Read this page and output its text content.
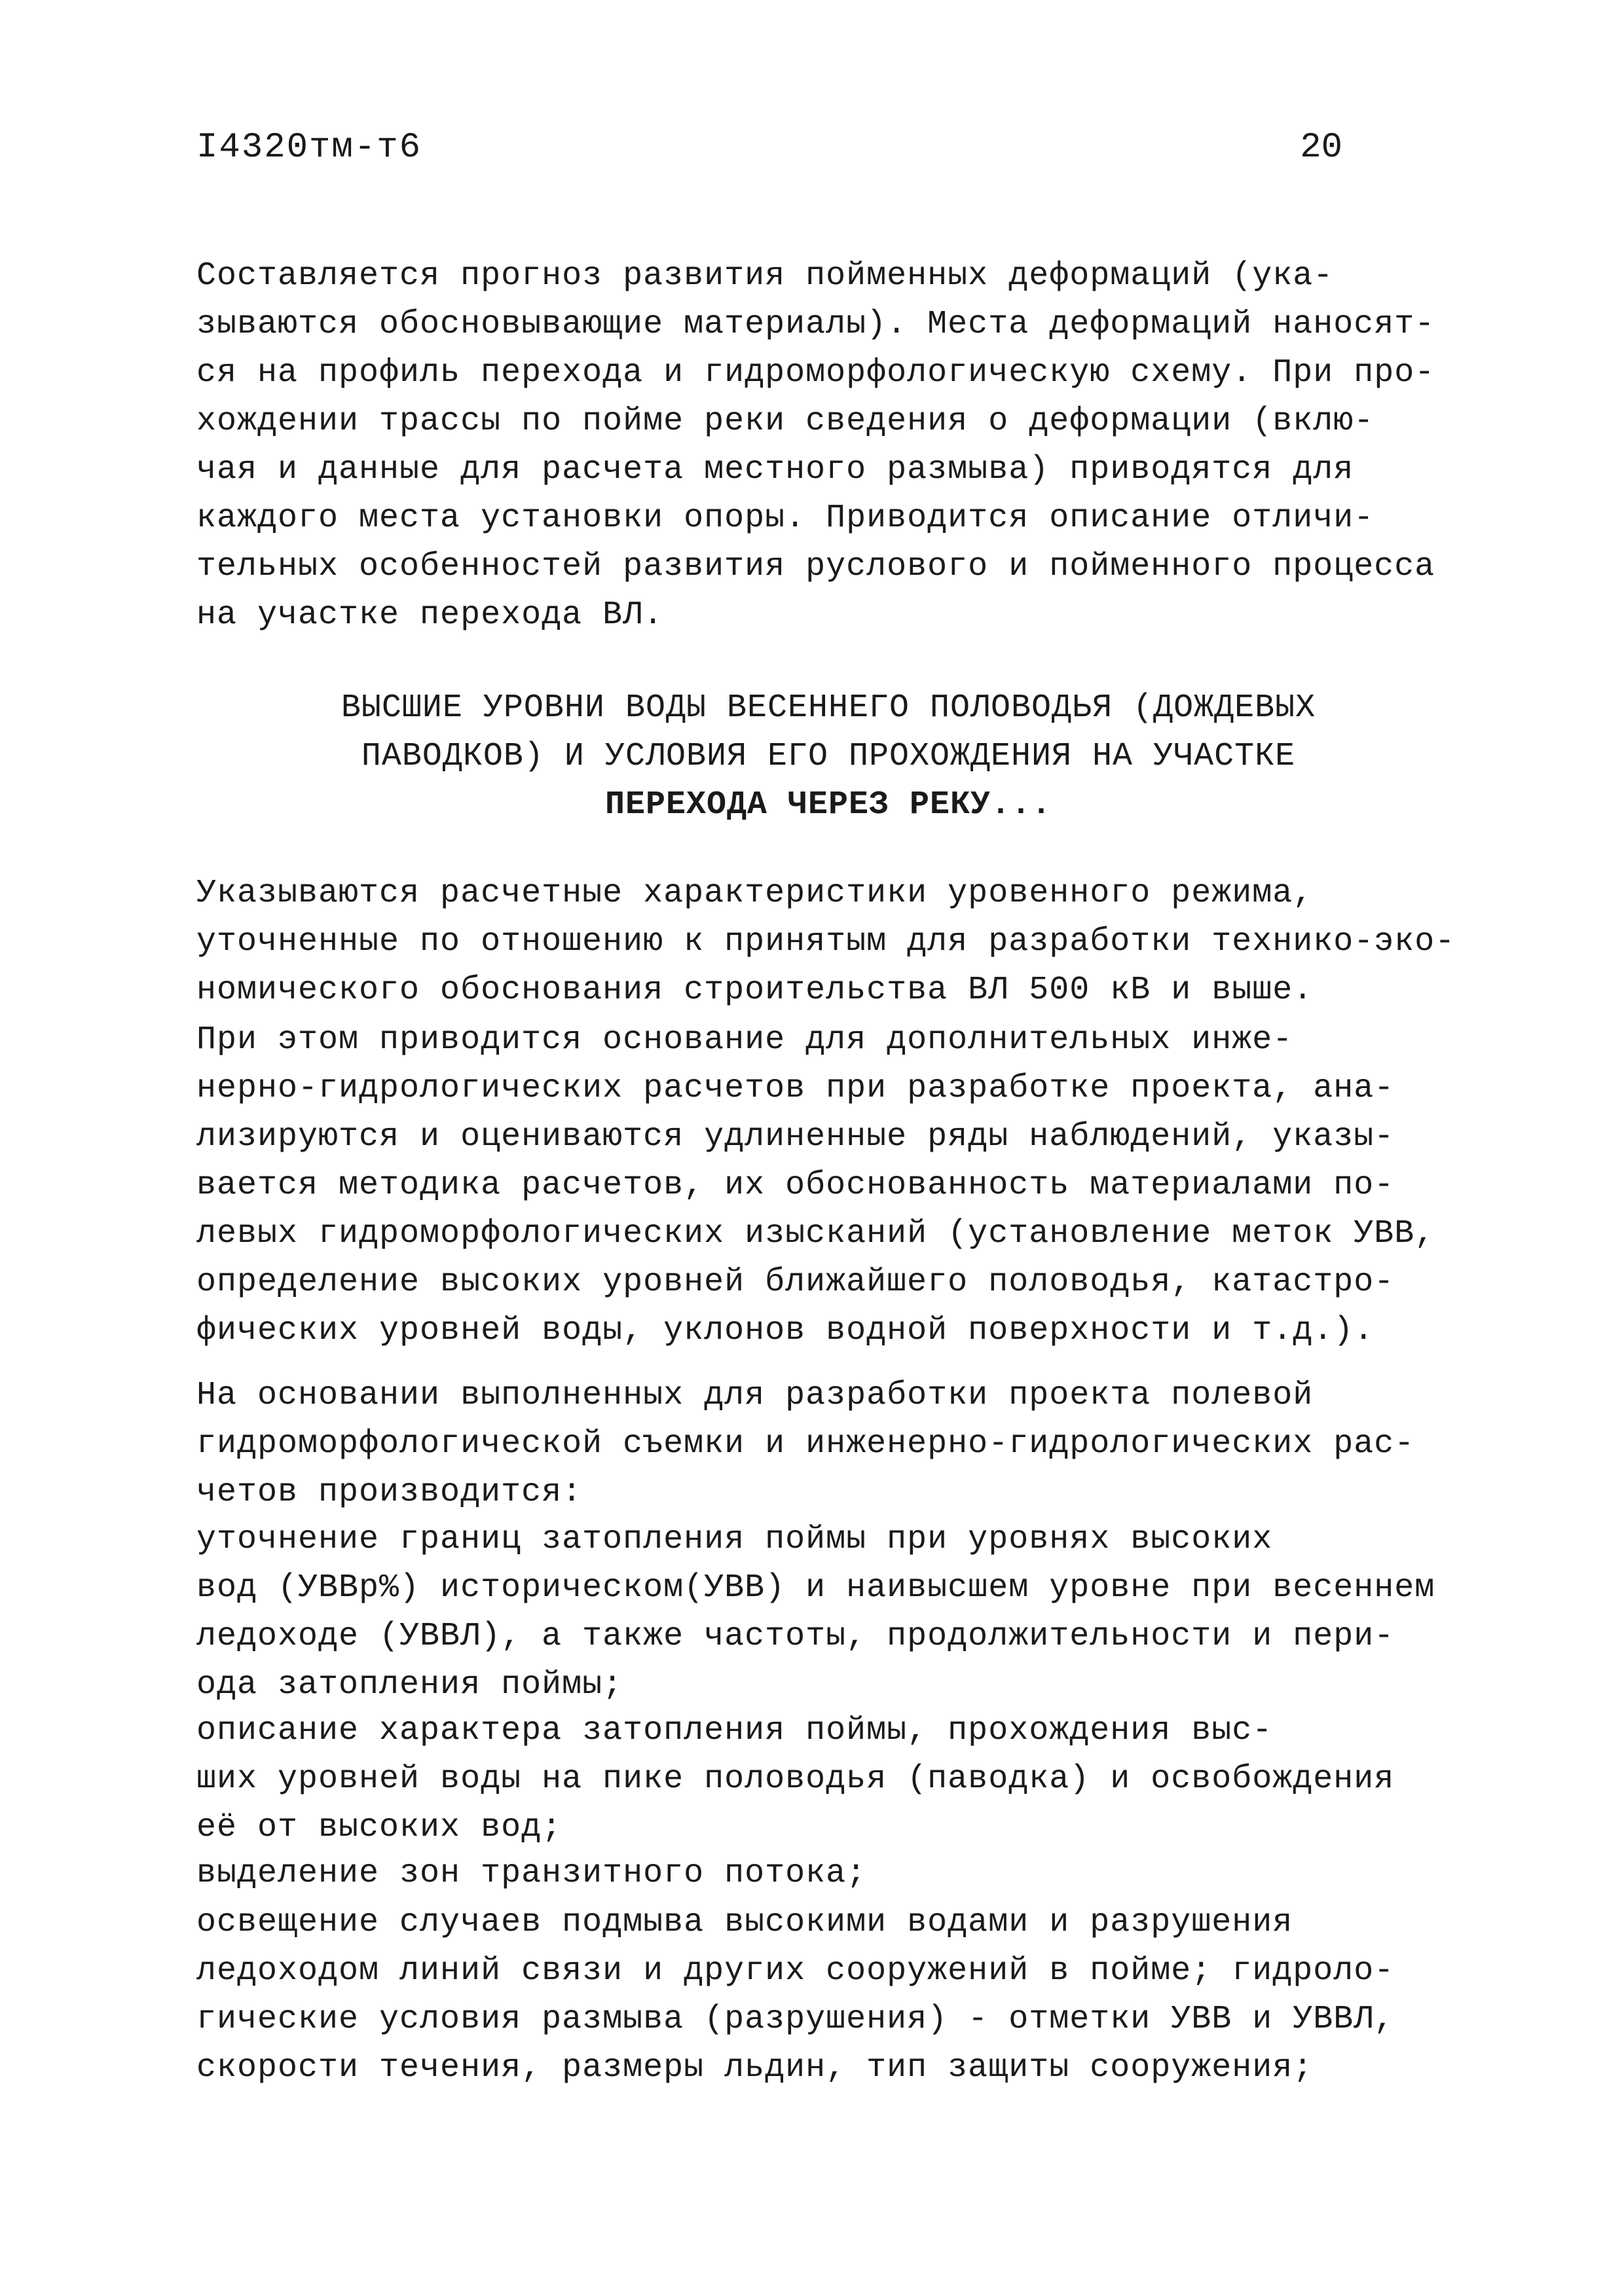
I4320тм-т6	20
Составляется прогноз развития пойменных деформаций (ука-
зываются обосновывающие материалы). Места деформаций наносят-
ся на профиль перехода и гидроморфологическую схему. При про-
хождении трассы по пойме реки сведения о деформации (вклю-
чая и данные для расчета местного размыва) приводятся для
каждого места установки опоры. Приводится описание отличи-
тельных особенностей развития руслового и пойменного процесса
на участке перехода ВЛ.
ВЫСШИЕ УРОВНИ ВОДЫ ВЕСЕННЕГО ПОЛОВОДЬЯ (ДОЖДЕВЫХ
ПАВОДКОВ) И УСЛОВИЯ ЕГО ПРОХОЖДЕНИЯ НА УЧАСТКЕ
ПЕРЕХОДА ЧЕРЕЗ РЕКУ...
Указываются расчетные характеристики уровенного режима,
уточненные по отношению к принятым для разработки технико-эко-
номического обоснования строительства ВЛ 500 кВ и выше.
При этом приводится основание для дополнительных инже-
нерно-гидрологических расчетов при разработке проекта, ана-
лизируются и оцениваются удлиненные ряды наблюдений, указы-
вается методика расчетов, их обоснованность материалами по-
левых гидроморфологических изысканий (установление меток УВВ,
определение высоких уровней ближайшего половодья, катастро-
фических уровней воды, уклонов водной поверхности и т.д.).
На основании выполненных для разработки проекта полевой
гидроморфологической съемки и инженерно-гидрологических рас-
четов производится:
уточнение границ затопления поймы при уровнях высоких
вод (УВВр%) историческом(УВВ) и наивысшем уровне при весеннем
ледоходе (УВВЛ), а также частоты, продолжительности и пери-
ода затопления поймы;
описание характера затопления поймы, прохождения выс-
ших уровней воды на пике половодья (паводка) и освобождения
её от высоких вод;
выделение зон транзитного потока;
освещение случаев подмыва высокими водами и разрушения
ледоходом линий связи и других сооружений в пойме; гидроло-
гические условия размыва (разрушения) - отметки УВВ и УВВЛ,
скорости течения, размеры льдин, тип защиты сооружения;
